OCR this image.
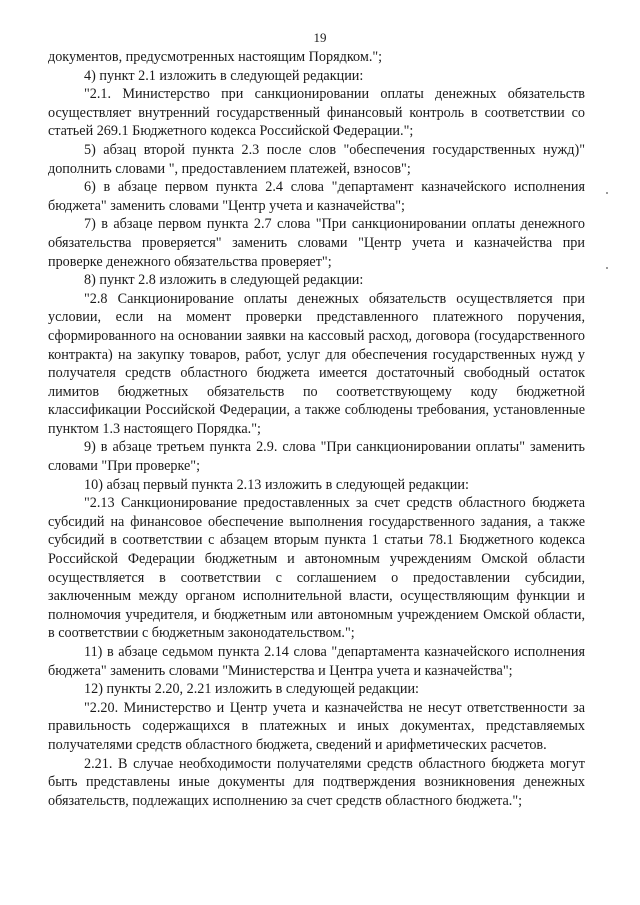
19

документов, предусмотренных настоящим Порядком.";

4) пункт 2.1 изложить в следующей редакции:

"2.1. Министерство при санкционировании оплаты денежных обязательств осуществляет внутренний государственный финансовый контроль в соответствии со статьей 269.1 Бюджетного кодекса Российской Федерации.";

5) абзац второй пункта 2.3 после слов "обеспечения государственных нужд)" дополнить словами ", предоставлением платежей, взносов";

6) в абзаце первом пункта 2.4 слова "департамент казначейского исполнения бюджета" заменить словами "Центр учета и казначейства";

7) в абзаце первом пункта 2.7 слова "При санкционировании оплаты денежного обязательства проверяется" заменить словами "Центр учета и казначейства при проверке денежного обязательства проверяет";

8) пункт 2.8 изложить в следующей редакции:

"2.8 Санкционирование оплаты денежных обязательств осуществляется при условии, если на момент проверки представленного платежного поручения, сформированного на основании заявки на кассовый расход, договора (государственного контракта) на закупку товаров, работ, услуг для обеспечения государственных нужд у получателя средств областного бюджета имеется достаточный свободный остаток лимитов бюджетных обязательств по соответствующему коду бюджетной классификации Российской Федерации, а также соблюдены требования, установленные пунктом 1.3 настоящего Порядка.";

9) в абзаце третьем пункта 2.9. слова "При санкционировании оплаты" заменить словами "При проверке";

10) абзац первый пункта 2.13 изложить в следующей редакции:

"2.13 Санкционирование предоставленных за счет средств областного бюджета субсидий на финансовое обеспечение выполнения государственного задания, а также субсидий в соответствии с абзацем вторым пункта 1 статьи 78.1 Бюджетного кодекса Российской Федерации бюджетным и автономным учреждениям Омской области осуществляется в соответствии с соглашением о предоставлении субсидии, заключенным между органом исполнительной власти, осуществляющим функции и полномочия учредителя, и бюджетным или автономным учреждением Омской области, в соответствии с бюджетным законодательством.";

11) в абзаце седьмом пункта 2.14 слова "департамента казначейского исполнения бюджета" заменить словами "Министерства и Центра учета и казначейства";

12) пункты 2.20, 2.21 изложить в следующей редакции:

"2.20. Министерство и Центр учета и казначейства не несут ответственности за правильность содержащихся в платежных и иных документах, представляемых получателями средств областного бюджета, сведений и арифметических расчетов.

2.21. В случае необходимости получателями средств областного бюджета могут быть представлены иные документы для подтверждения возникновения денежных обязательств, подлежащих исполнению за счет средств областного бюджета.";
